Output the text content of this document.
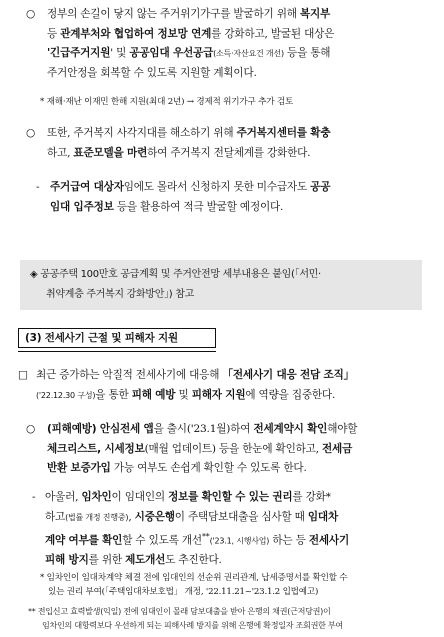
○	정부의 손길이 닿지 않는 주거위기가구를 발굴하기 위해 복지부
등 관계부처와 협업하여 정보망 연계를 강화하고, 발굴된 대상은
'긴급주거지원' 및 공공임대 우선공급(소득·자산요건 개선) 등을 통해
주거안정을 회복할 수 있도록 지원할 계획이다.
* 재해·재난 이재민 한해 지원(최대 2년) → 경제적 위기가구 추가 검토
○	또한, 주거복지 사각지대를 해소하기 위해 주거복지센터를 확충
하고, 표준모델을 마련하여 주거복지 전달체계를 강화한다.
-	주거급여 대상자임에도 몰라서 신청하지 못한 미수급자도 공공
임대 입주정보 등을 활용하여 적극 발굴할 예정이다.
◈ 공공주택 100만호 공급계획 및 주거안전망 세부내용은 붙임(「서민·
취약계층 주거복지 강화방안」) 참고
(3) 전세사기 근절 및 피해자 지원
□ 최근 증가하는 악질적 전세사기에 대응해 「전세사기 대응 전담 조직」
('22.12.30 구성)을 통한 피해 예방 및 피해자 지원에 역량을 집중한다.
○	(피해예방) 안심전세 앱을 출시('23.1월)하여 전세계약시 확인해야할
체크리스트, 시세정보(매월 업데이트) 등을 한눈에 확인하고, 전세금
반환 보증가입 가능 여부도 손쉽게 확인할 수 있도록 한다.
- 아울러, 임차인이 임대인의 정보를 확인할 수 있는 권리를 강화*
하고(법률 개정 진행중), 시중은행이 주택담보대출을 심사할 때 임대차
계약 여부를 확인할 수 있도록 개선**('23.1, 시행사업) 하는 등 전세사기
피해 방지를 위한 제도개선도 추진한다.
* 임차인이 임대차계약 체결 전에 임대인의 선순위 권리관계, 납세증명서를 확인할 수
있는 권리 부여(「주택임대차보호법」 개정, '22.11.21~'23.1.2 입법예고)
** 전입신고 효력발생(익일) 전에 임대인이 몰래 담보대출을 받아 은행의 채권(근저당권)이
임차인의 대항력보다 우선하게 되는 피해사례 방지를 위해 은행에 확정일자 조회권한 부여
